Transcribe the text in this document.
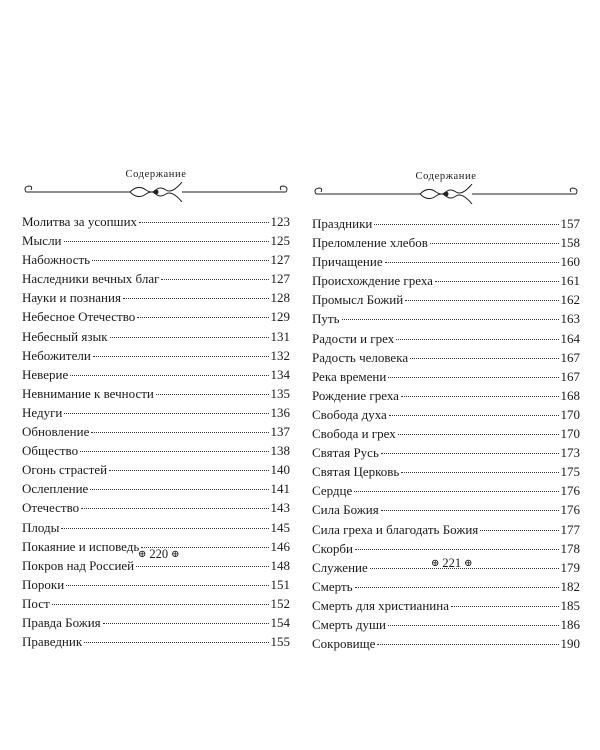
Содержание
Молитва за усопших	123
Мысли	125
Набожность	127
Наследники вечных благ	127
Науки и познания	128
Небесное Отечество	129
Небесный язык	131
Небожители	132
Неверие	134
Невнимание к вечности	135
Недуги	136
Обновление	137
Общество	138
Огонь страстей	140
Ослепление	141
Отечество	143
Плоды	145
Покаяние и исповедь	146
Покров над Россией	148
Пороки	151
Пост	152
Правда Божия	154
Праведник	155
Содержание
Праздники	157
Преломление хлебов	158
Причащение	160
Происхождение греха	161
Промысл Божий	162
Путь	163
Радости и грех	164
Радость человека	167
Река времени	167
Рождение греха	168
Свобода духа	170
Свобода и грех	170
Святая Русь	173
Святая Церковь	175
Сердце	176
Сила Божия	176
Сила греха и благодать Божия	177
Скорби	178
Служение	179
Смерть	182
Смерть для христианина	185
Смерть души	186
Сокровище	190
⊕ 220 ⊕
⊕ 221 ⊕
